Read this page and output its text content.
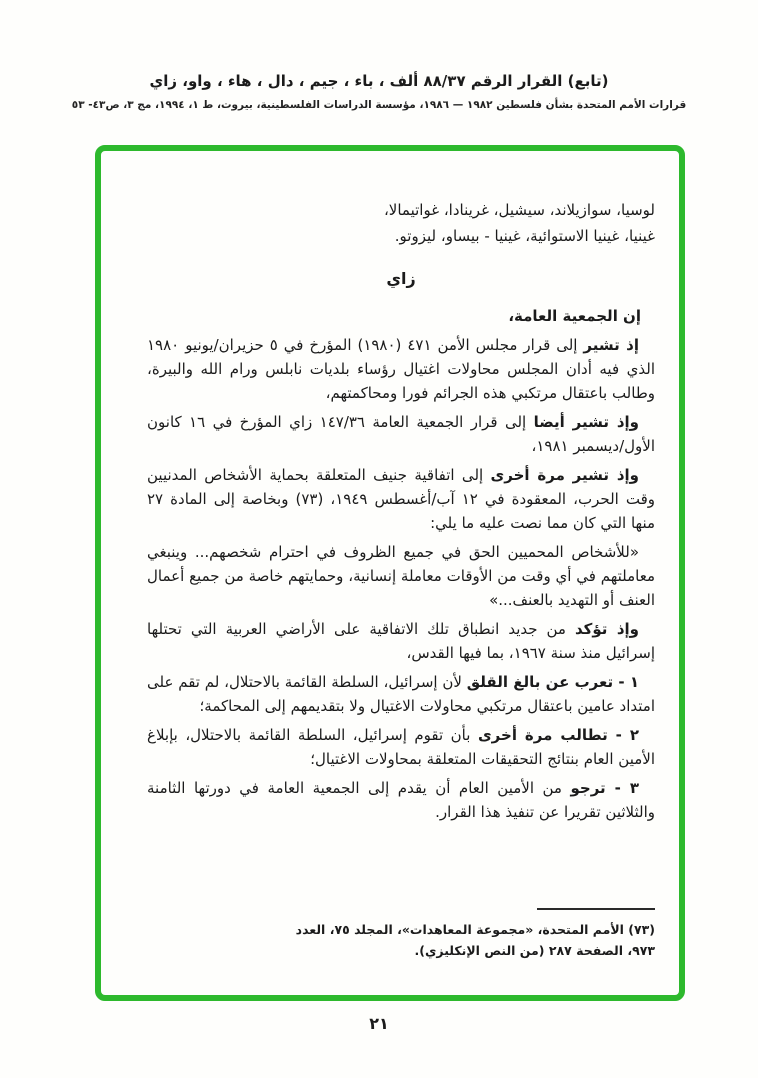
(تابع) القرار الرقم ٨٨/٣٧ ألف ، باء ، جيم ، دال ، هاء ، واو، زاي
قرارات الأمم المتحدة بشأن فلسطين ١٩٨٢ — ١٩٨٦، مؤسسة الدراسات الفلسطينية، بيروت، ط ١، ١٩٩٤، مج ٣، ص٤٣- ٥٣
لوسيا، سوازيلاند، سيشيل، غرينادا، غواتيمالا،
غينيا، غينيا الاستوائية، غينيا - بيساو، ليزوتو.
زاي

إن الجمعية العامة،

إذ تشير إلى قرار مجلس الأمن ٤٧١ (١٩٨٠) المؤرخ في ٥ حزيران/يونيو ١٩٨٠ الذي فيه أدان المجلس محاولات اغتيال رؤساء بلديات نابلس ورام الله والبيرة، وطالب باعتقال مرتكبي هذه الجرائم فورا ومحاكمتهم،

وإذ تشير أيضا إلى قرار الجمعية العامة ١٤٧/٣٦ زاي المؤرخ في ١٦ كانون الأول/ديسمبر ١٩٨١،

وإذ تشير مرة أخرى إلى اتفاقية جنيف المتعلقة بحماية الأشخاص المدنيين وقت الحرب، المعقودة في ١٢ آب/أغسطس ١٩٤٩، (٧٣) وبخاصة إلى المادة ٢٧ منها التي كان مما نصت عليه ما يلي:

«للأشخاص المحميين الحق في جميع الظروف في احترام شخصهم... وينبغي معاملتهم في أي وقت من الأوقات معاملة إنسانية، وحمايتهم خاصة من جميع أعمال العنف أو التهديد بالعنف...»

وإذ تؤكد من جديد انطباق تلك الاتفاقية على الأراضي العربية التي تحتلها إسرائيل منذ سنة ١٩٦٧، بما فيها القدس،

١ - تعرب عن بالغ القلق لأن إسرائيل، السلطة القائمة بالاحتلال، لم تقم على امتداد عامين باعتقال مرتكبي محاولات الاغتيال ولا بتقديمهم إلى المحاكمة؛

٢ - تطالب مرة أخرى بأن تقوم إسرائيل، السلطة القائمة بالاحتلال، بإبلاغ الأمين العام بنتائج التحقيقات المتعلقة بمحاولات الاغتيال؛

٣ - ترجو من الأمين العام أن يقدم إلى الجمعية العامة في دورتها الثامنة والثلاثين تقريرا عن تنفيذ هذا القرار.

(٧٣) الأمم المتحدة، «مجموعة المعاهدات»، المجلد ٧٥، العدد ٩٧٣، الصفحة ٢٨٧ (من النص الإنكليزي).
٢١
